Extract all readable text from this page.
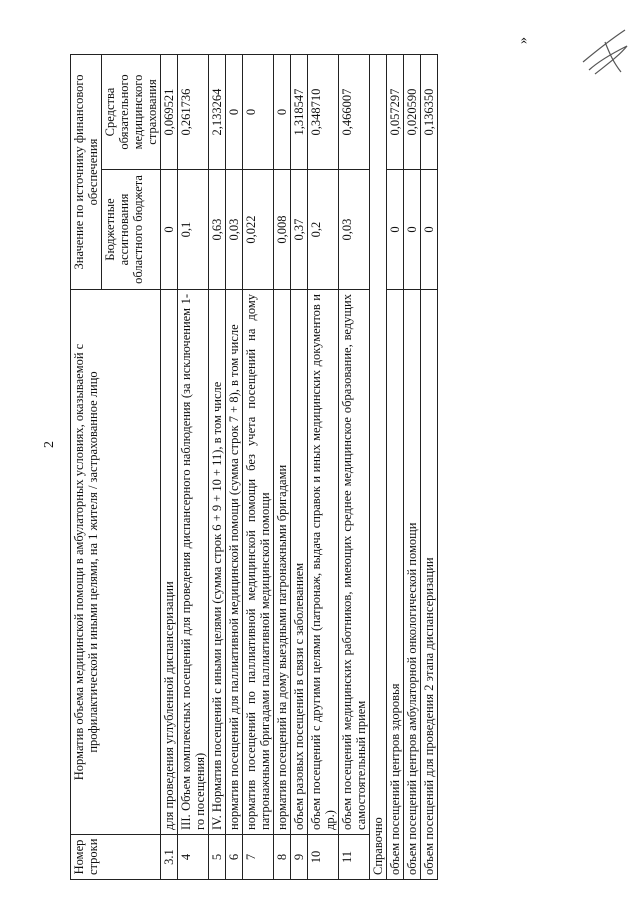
2
Номер строки	Норматив объема медицинской помощи в амбулаторных условиях, оказываемой с профилактической и иными целями, на 1 жителя / застрахованное лицо	Значение по источнику финансового обеспечения	
		Бюджетные ассигнования областного бюджета	Средства обязательного медицинского страхования
3.1	для проведения углубленной диспансеризации	0	0,069521
4	III. Объем комплексных посещений для проведения диспансерного наблюдения (за исключением 1-го посещения)	0,1	0,261736
5	IV. Норматив посещений с иными целями (сумма строк 6 + 9 + 10 + 11), в том числе	0,63	2,133264
6	норматив посещений для паллиативной медицинской помощи (сумма строк 7 + 8), в том числе	0,03	0
7	норматив посещений по паллиативной медицинской помощи без учета посещений на дому патронажными бригадами паллиативной медицинской помощи	0,022	0
8	норматив посещений на дому выездными патронажными бригадами	0,008	0
9	объем разовых посещений в связи с заболеванием	0,37	1,318547
10	объем посещений с другими целями (патронаж, выдача справок и иных медицинских документов и др.)	0,2	0,348710
11	объем посещений медицинских работников, имеющих среднее медицинское образование, ведущих самостоятельный прием	0,03	0,466007
Справочно			
объем посещений центров здоровья		0	0,057297
объем посещений центров амбулаторной онкологической помощи		0	0,020590
объем посещений для проведения 2 этапа диспансеризации		0	0,136350
»
